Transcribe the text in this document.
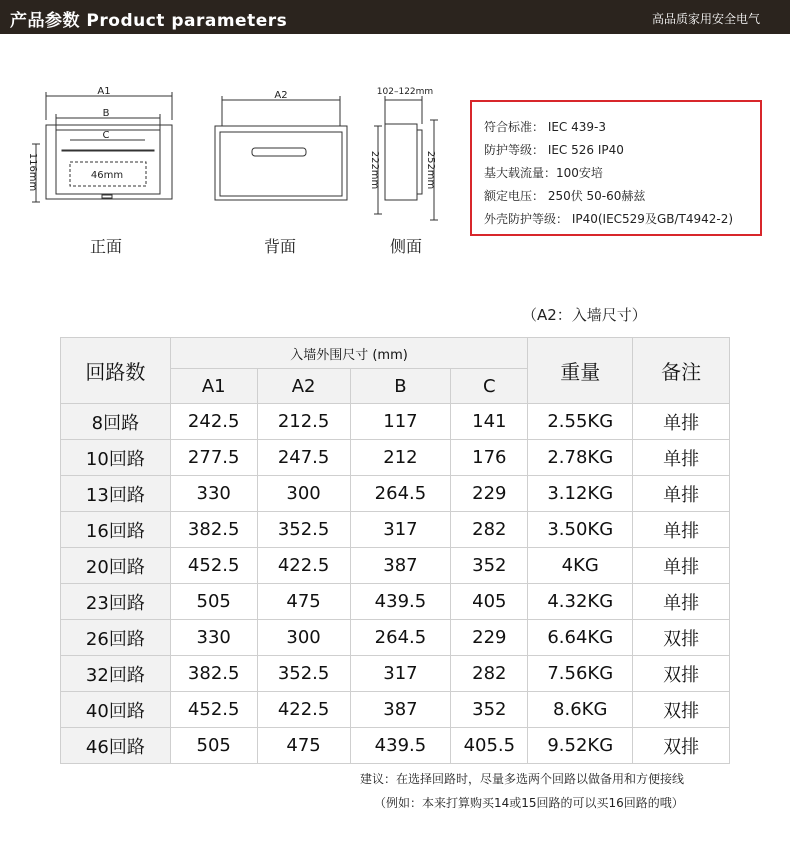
产品参数 Product parameters	高品质家用安全电气
A1
B
C
46mm
116mm
A2	102–122mm
222mm	252mm
正面	背面	侧面
符合标准： IEC 439-3
防护等级： IEC 526 IP40
基大载流量：100安培
额定电压： 250伏 50-60赫兹
外壳防护等级： IP40(IEC529及GB/T4942-2)
（A2：入墙尺寸）
回路数	入墙外围尺寸 (mm)				重量	备注
	A1	A2	B	C		
8回路	242.5	212.5	117	141	2.55KG	单排
10回路	277.5	247.5	212	176	2.78KG	单排
13回路	330	300	264.5	229	3.12KG	单排
16回路	382.5	352.5	317	282	3.50KG	单排
20回路	452.5	422.5	387	352	4KG	单排
23回路	505	475	439.5	405	4.32KG	单排
26回路	330	300	264.5	229	6.64KG	双排
32回路	382.5	352.5	317	282	7.56KG	双排
40回路	452.5	422.5	387	352	8.6KG	双排
46回路	505	475	439.5	405.5	9.52KG	双排
建议：在选择回路时，尽量多选两个回路以做备用和方便接线
（例如：本来打算购买14或15回路的可以买16回路的哦）
